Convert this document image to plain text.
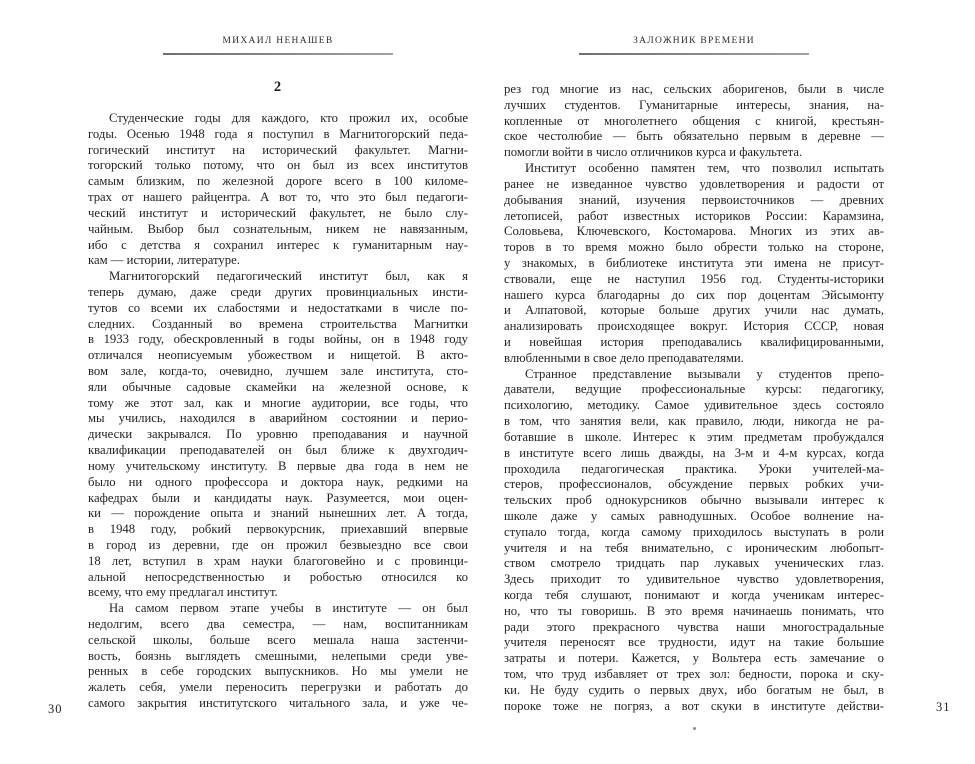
МИХАИЛ НЕНАШЕВ
2
ЗАЛОЖНИК ВРЕМЕНИ
Студенческие годы для каждого, кто прожил их, особые
годы. Осенью 1948 года я поступил в Магнитогорский педа-
гогический институт на исторический факультет. Магни-
тогорский только потому, что он был из всех институтов
самым близким, по железной дороге всего в 100 киломе-
трах от нашего райцентра. А вот то, что это был педагоги-
ческий институт и исторический факультет, не было слу-
чайным. Выбор был сознательным, никем не навязанным,
ибо с детства я сохранил интерес к гуманитарным нау-
кам — истории, литературе.
Магнитогорский педагогический институт был, как я
теперь думаю, даже среди других провинциальных инсти-
тутов со всеми их слабостями и недостатками в числе по-
следних. Созданный во времена строительства Магнитки
в 1933 году, обескровленный в годы войны, он в 1948 году
отличался неописуемым убожеством и нищетой. В акто-
вом зале, когда-то, очевидно, лучшем зале института, сто-
яли обычные садовые скамейки на железной основе, к
тому же этот зал, как и многие аудитории, все годы, что
мы учились, находился в аварийном состоянии и перио-
дически закрывался. По уровню преподавания и научной
квалификации преподавателей он был ближе к двухгодич-
ному учительскому институту. В первые два года в нем не
было ни одного профессора и доктора наук, редкими на
кафедрах были и кандидаты наук. Разумеется, мои оцен-
ки — порождение опыта и знаний нынешних лет. А тогда,
в 1948 году, робкий первокурсник, приехавший впервые
в город из деревни, где он прожил безвыездно все свои
18 лет, вступил в храм науки благоговейно и с провинци-
альной непосредственностью и робостью относился ко
всему, что ему предлагал институт.
На самом первом этапе учебы в институте — он был
недолгим, всего два семестра, — нам, воспитанникам
сельской школы, больше всего мешала наша застенчи-
вость, боязнь выглядеть смешными, нелепыми среди уве-
ренных в себе городских выпускников. Но мы умели не
жалеть себя, умели переносить перегрузки и работать до
самого закрытия институтского читального зала, и уже че-
рез год многие из нас, сельских аборигенов, были в числе
лучших студентов. Гуманитарные интересы, знания, на-
копленные от многолетнего общения с книгой, крестьян-
ское честолюбие — быть обязательно первым в деревне —
помогли войти в число отличников курса и факультета.
Институт особенно памятен тем, что позволил испытать
ранее не изведанное чувство удовлетворения и радости от
добывания знаний, изучения первоисточников — древних
летописей, работ известных историков России: Карамзина,
Соловьева, Ключевского, Костомарова. Многих из этих ав-
торов в то время можно было обрести только на стороне,
у знакомых, в библиотеке института эти имена не присут-
ствовали, еще не наступил 1956 год. Студенты-историки
нашего курса благодарны до сих пор доцентам Эйсымонту
и Алпатовой, которые больше других учили нас думать,
анализировать происходящее вокруг. История СССР, новая
и новейшая история преподавались квалифицированными,
влюбленными в свое дело преподавателями.
Странное представление вызывали у студентов препо-
даватели, ведущие профессиональные курсы: педагогику,
психологию, методику. Самое удивительное здесь состояло
в том, что занятия вели, как правило, люди, никогда не ра-
ботавшие в школе. Интерес к этим предметам пробуждался
в институте всего лишь дважды, на 3-м и 4-м курсах, когда
проходила педагогическая практика. Уроки учителей-ма-
стеров, профессионалов, обсуждение первых робких учи-
тельских проб однокурсников обычно вызывали интерес к
школе даже у самых равнодушных. Особое волнение на-
ступало тогда, когда самому приходилось выступать в роли
учителя и на тебя внимательно, с ироническим любопыт-
ством смотрело тридцать пар лукавых ученических глаз.
Здесь приходит то удивительное чувство удовлетворения,
когда тебя слушают, понимают и когда ученикам интерес-
но, что ты говоришь. В это время начинаешь понимать, что
ради этого прекрасного чувства наши многострадальные
учителя переносят все трудности, идут на такие большие
затраты и потери. Кажется, у Вольтера есть замечание о
том, что труд избавляет от трех зол: бедности, порока и ску-
ки. Не буду судить о первых двух, ибо богатым не был, в
пороке тоже не погряз, а вот скуки в институте действи-
30	31
